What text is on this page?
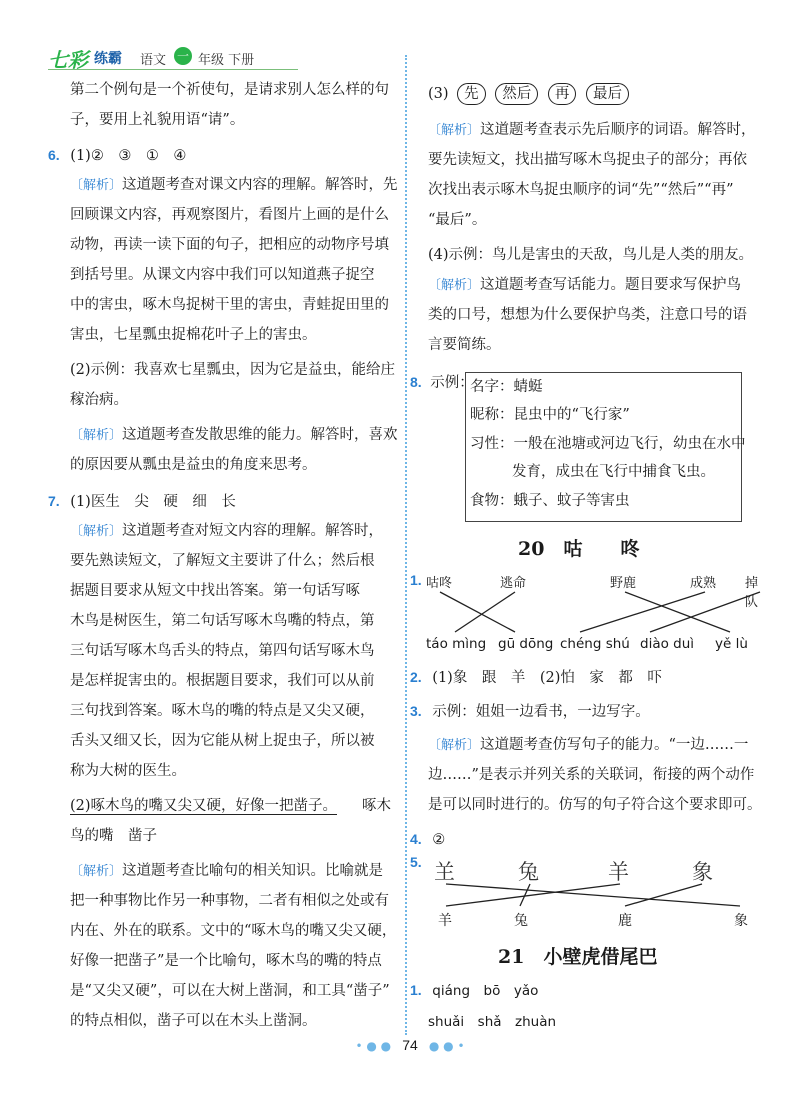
七彩 练霸 语文 一 年级 下册
第二个例句是一个祈使句，是请求别人怎么样的句
子，要用上礼貌用语“请”。
6. (1)②　③　①　④
〔解析〕这道题考查对课文内容的理解。解答时，先
回顾课文内容，再观察图片，看图片上画的是什么
动物，再读一读下面的句子，把相应的动物序号填
到括号里。从课文内容中我们可以知道燕子捉空
中的害虫，啄木鸟捉树干里的害虫，青蛙捉田里的
害虫，七星瓢虫捉棉花叶子上的害虫。
(2)示例：我喜欢七星瓢虫，因为它是益虫，能给庄
稼治病。
〔解析〕这道题考查发散思维的能力。解答时，喜欢
的原因要从瓢虫是益虫的角度来思考。
7. (1)医生　尖　硬　细　长
〔解析〕这道题考查对短文内容的理解。解答时，
要先熟读短文，了解短文主要讲了什么；然后根
据题目要求从短文中找出答案。第一句话写啄
木鸟是树医生，第二句话写啄木鸟嘴的特点，第
三句话写啄木鸟舌头的特点，第四句话写啄木鸟
是怎样捉害虫的。根据题目要求，我们可以从前
三句找到答案。啄木鸟的嘴的特点是又尖又硬，
舌头又细又长，因为它能从树上捉虫子，所以被
称为大树的医生。
(2)啄木鸟的嘴又尖又硬，好像一把凿子。 啄木
鸟的嘴　凿子
〔解析〕这道题考查比喻句的相关知识。比喻就是
把一种事物比作另一种事物，二者有相似之处或有
内在、外在的联系。文中的“啄木鸟的嘴又尖又硬，
好像一把凿子”是一个比喻句，啄木鸟的嘴的特点
是“又尖又硬”，可以在大树上凿洞，和工具“凿子”
的特点相似，凿子可以在木头上凿洞。
(3) 先 然后 再 最后
〔解析〕这道题考查表示先后顺序的词语。解答时，
要先读短文，找出描写啄木鸟捉虫子的部分；再依
次找出表示啄木鸟捉虫顺序的词“先”“然后”“再”
“最后”。
(4)示例：鸟儿是害虫的天敌，鸟儿是人类的朋友。
〔解析〕这道题考查写话能力。题目要求写保护鸟
类的口号，想想为什么要保护鸟类，注意口号的语
言要简练。
8. 示例：
名字：蜻蜓
昵称：昆虫中的“飞行家”
习性：一般在池塘或河边飞行，幼虫在水中
发育，成虫在飞行中捕食飞虫。
食物：蛾子、蚊子等害虫
20　咕　　咚
1. 咕咚	逃命	野鹿	成熟 掉队
táo mìng gū dōng chéng shú diào duì yě lù
2. (1)象　跟　羊　(2)怕　家　都　吓
3. 示例：姐姐一边看书，一边写字。
〔解析〕这道题考查仿写句子的能力。“一边……一
边……”是表示并列关系的关联词，衔接的两个动作
是可以同时进行的。仿写的句子符合这个要求即可。
4. ②
5. 𦍌	兔	羊	象
羊	兔	鹿	象
21　小壁虎借尾巴
1. qiáng　bō　yǎo
shuǎi　shǎ　zhuàn
• ● ● 74 ● ● •
